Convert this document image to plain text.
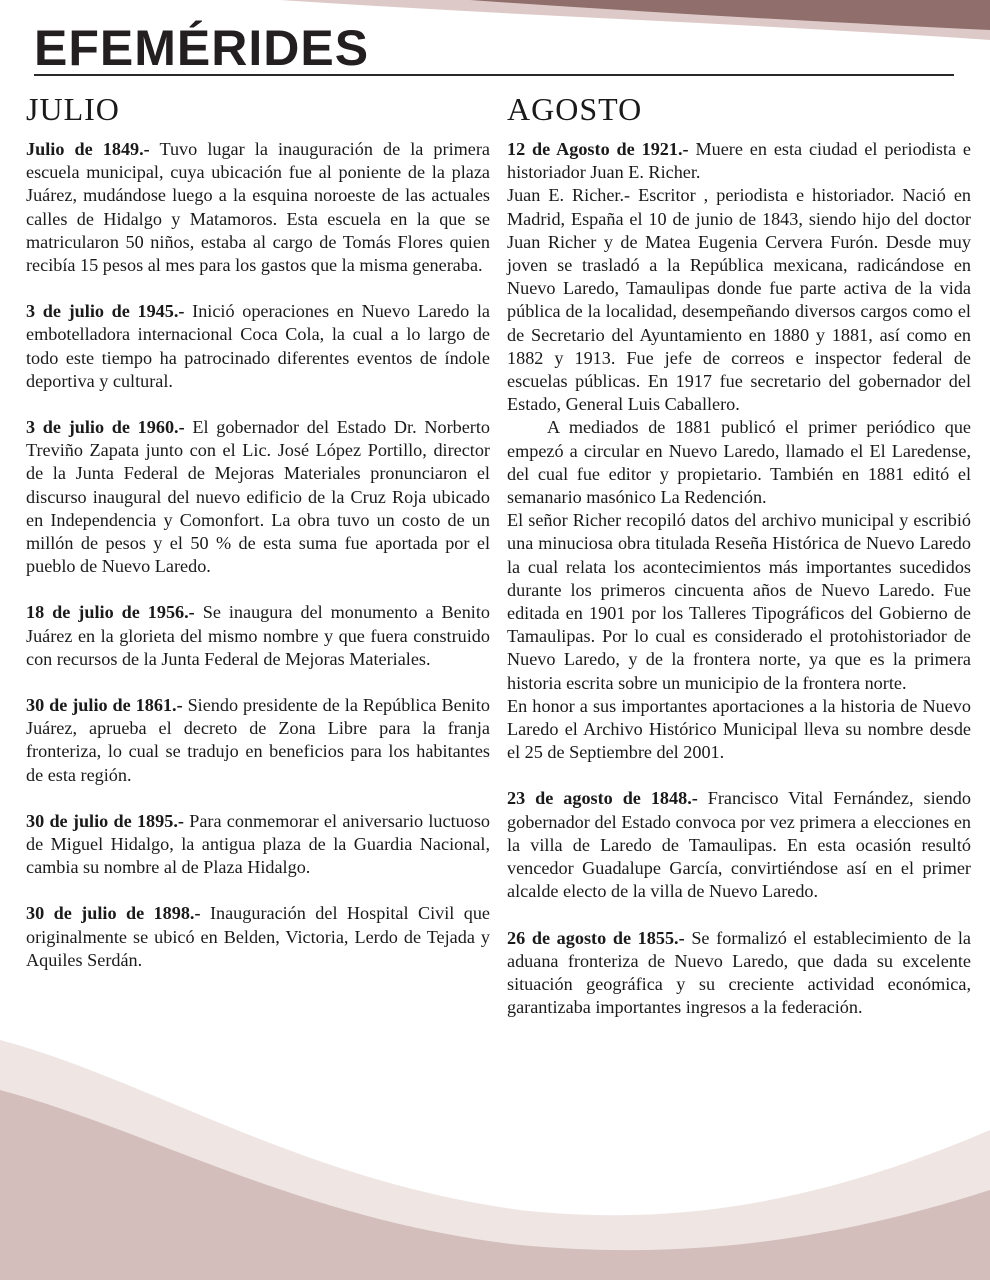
EFEMÉRIDES
JULIO

Julio de 1849.- Tuvo lugar la inauguración de la primera escuela municipal, cuya ubicación fue al poniente de la plaza Juárez, mudándose luego a la esquina noroeste de las actuales calles de Hidalgo y Matamoros. Esta escuela en la que se matricularon 50 niños, estaba al cargo de Tomás Flores quien recibía 15 pesos al mes para los gastos que la misma generaba.

3 de julio de 1945.- Inició operaciones en Nuevo Laredo la embotelladora internacional Coca Cola, la cual a lo largo de todo este tiempo ha patrocinado diferentes eventos de índole deportiva y cultural.

3 de julio de 1960.- El gobernador del Estado Dr. Norberto Treviño Zapata junto con el Lic. José López Portillo, director de la Junta Federal de Mejoras Materiales pronunciaron el discurso inaugural del nuevo edificio de la Cruz Roja ubicado en Independencia y Comonfort. La obra tuvo un costo de un millón de pesos y el 50 % de esta suma fue aportada por el pueblo de Nuevo Laredo.

18 de julio de 1956.- Se inaugura del monumento a Benito Juárez en la glorieta del mismo nombre y que fuera construido con recursos de la Junta Federal de Mejoras Materiales.

30 de julio de 1861.- Siendo presidente de la República Benito Juárez, aprueba el decreto de Zona Libre para la franja fronteriza, lo cual se tradujo en beneficios para los habitantes de esta región.

30 de julio de 1895.- Para conmemorar el aniversario luctuoso de Miguel Hidalgo, la antigua plaza de la Guardia Nacional, cambia su nombre al de Plaza Hidalgo.

30 de julio de 1898.- Inauguración del Hospital Civil que originalmente se ubicó en Belden, Victoria, Lerdo de Tejada y Aquiles Serdán.

AGOSTO

12 de Agosto de 1921.- Muere en esta ciudad el periodista e historiador Juan E. Richer.

Juan E. Richer.- Escritor , periodista e historiador. Nació en Madrid, España el 10 de junio de 1843, siendo hijo del doctor Juan Richer y de Matea Eugenia Cervera Furón. Desde muy joven se trasladó a la República mexicana, radicándose en Nuevo Laredo, Tamaulipas donde fue parte activa de la vida pública de la localidad, desempeñando diversos cargos como el de Secretario del Ayuntamiento en 1880 y 1881, así como en 1882 y 1913. Fue jefe de correos e inspector federal de escuelas públicas. En 1917 fue secretario del gobernador del Estado, General Luis Caballero.

A mediados de 1881 publicó el primer periódico que empezó a circular en Nuevo Laredo, llamado el El Laredense, del cual fue editor y propietario. También en 1881 editó el semanario masónico La Redención.

El señor Richer recopiló datos del archivo municipal y escribió una minuciosa obra titulada Reseña Histórica de Nuevo Laredo la cual relata los acontecimientos más importantes sucedidos durante los primeros cincuenta años de Nuevo Laredo. Fue editada en 1901 por los Talleres Tipográficos del Gobierno de Tamaulipas. Por lo cual es considerado el protohistoriador de Nuevo Laredo, y de la frontera norte, ya que es la primera historia escrita sobre un municipio de la frontera norte.

En honor a sus importantes aportaciones a la historia de Nuevo Laredo el Archivo Histórico Municipal lleva su nombre desde el 25 de Septiembre del 2001.

23 de agosto de 1848.- Francisco Vital Fernández, siendo gobernador del Estado convoca por vez primera a elecciones en la villa de Laredo de Tamaulipas. En esta ocasión resultó vencedor Guadalupe García, convirtiéndose así en el primer alcalde electo de la villa de Nuevo Laredo.

26 de agosto de 1855.- Se formalizó el establecimiento de la aduana fronteriza de Nuevo Laredo, que dada su excelente situación geográfica y su creciente actividad económica, garantizaba importantes ingresos a la federación.
